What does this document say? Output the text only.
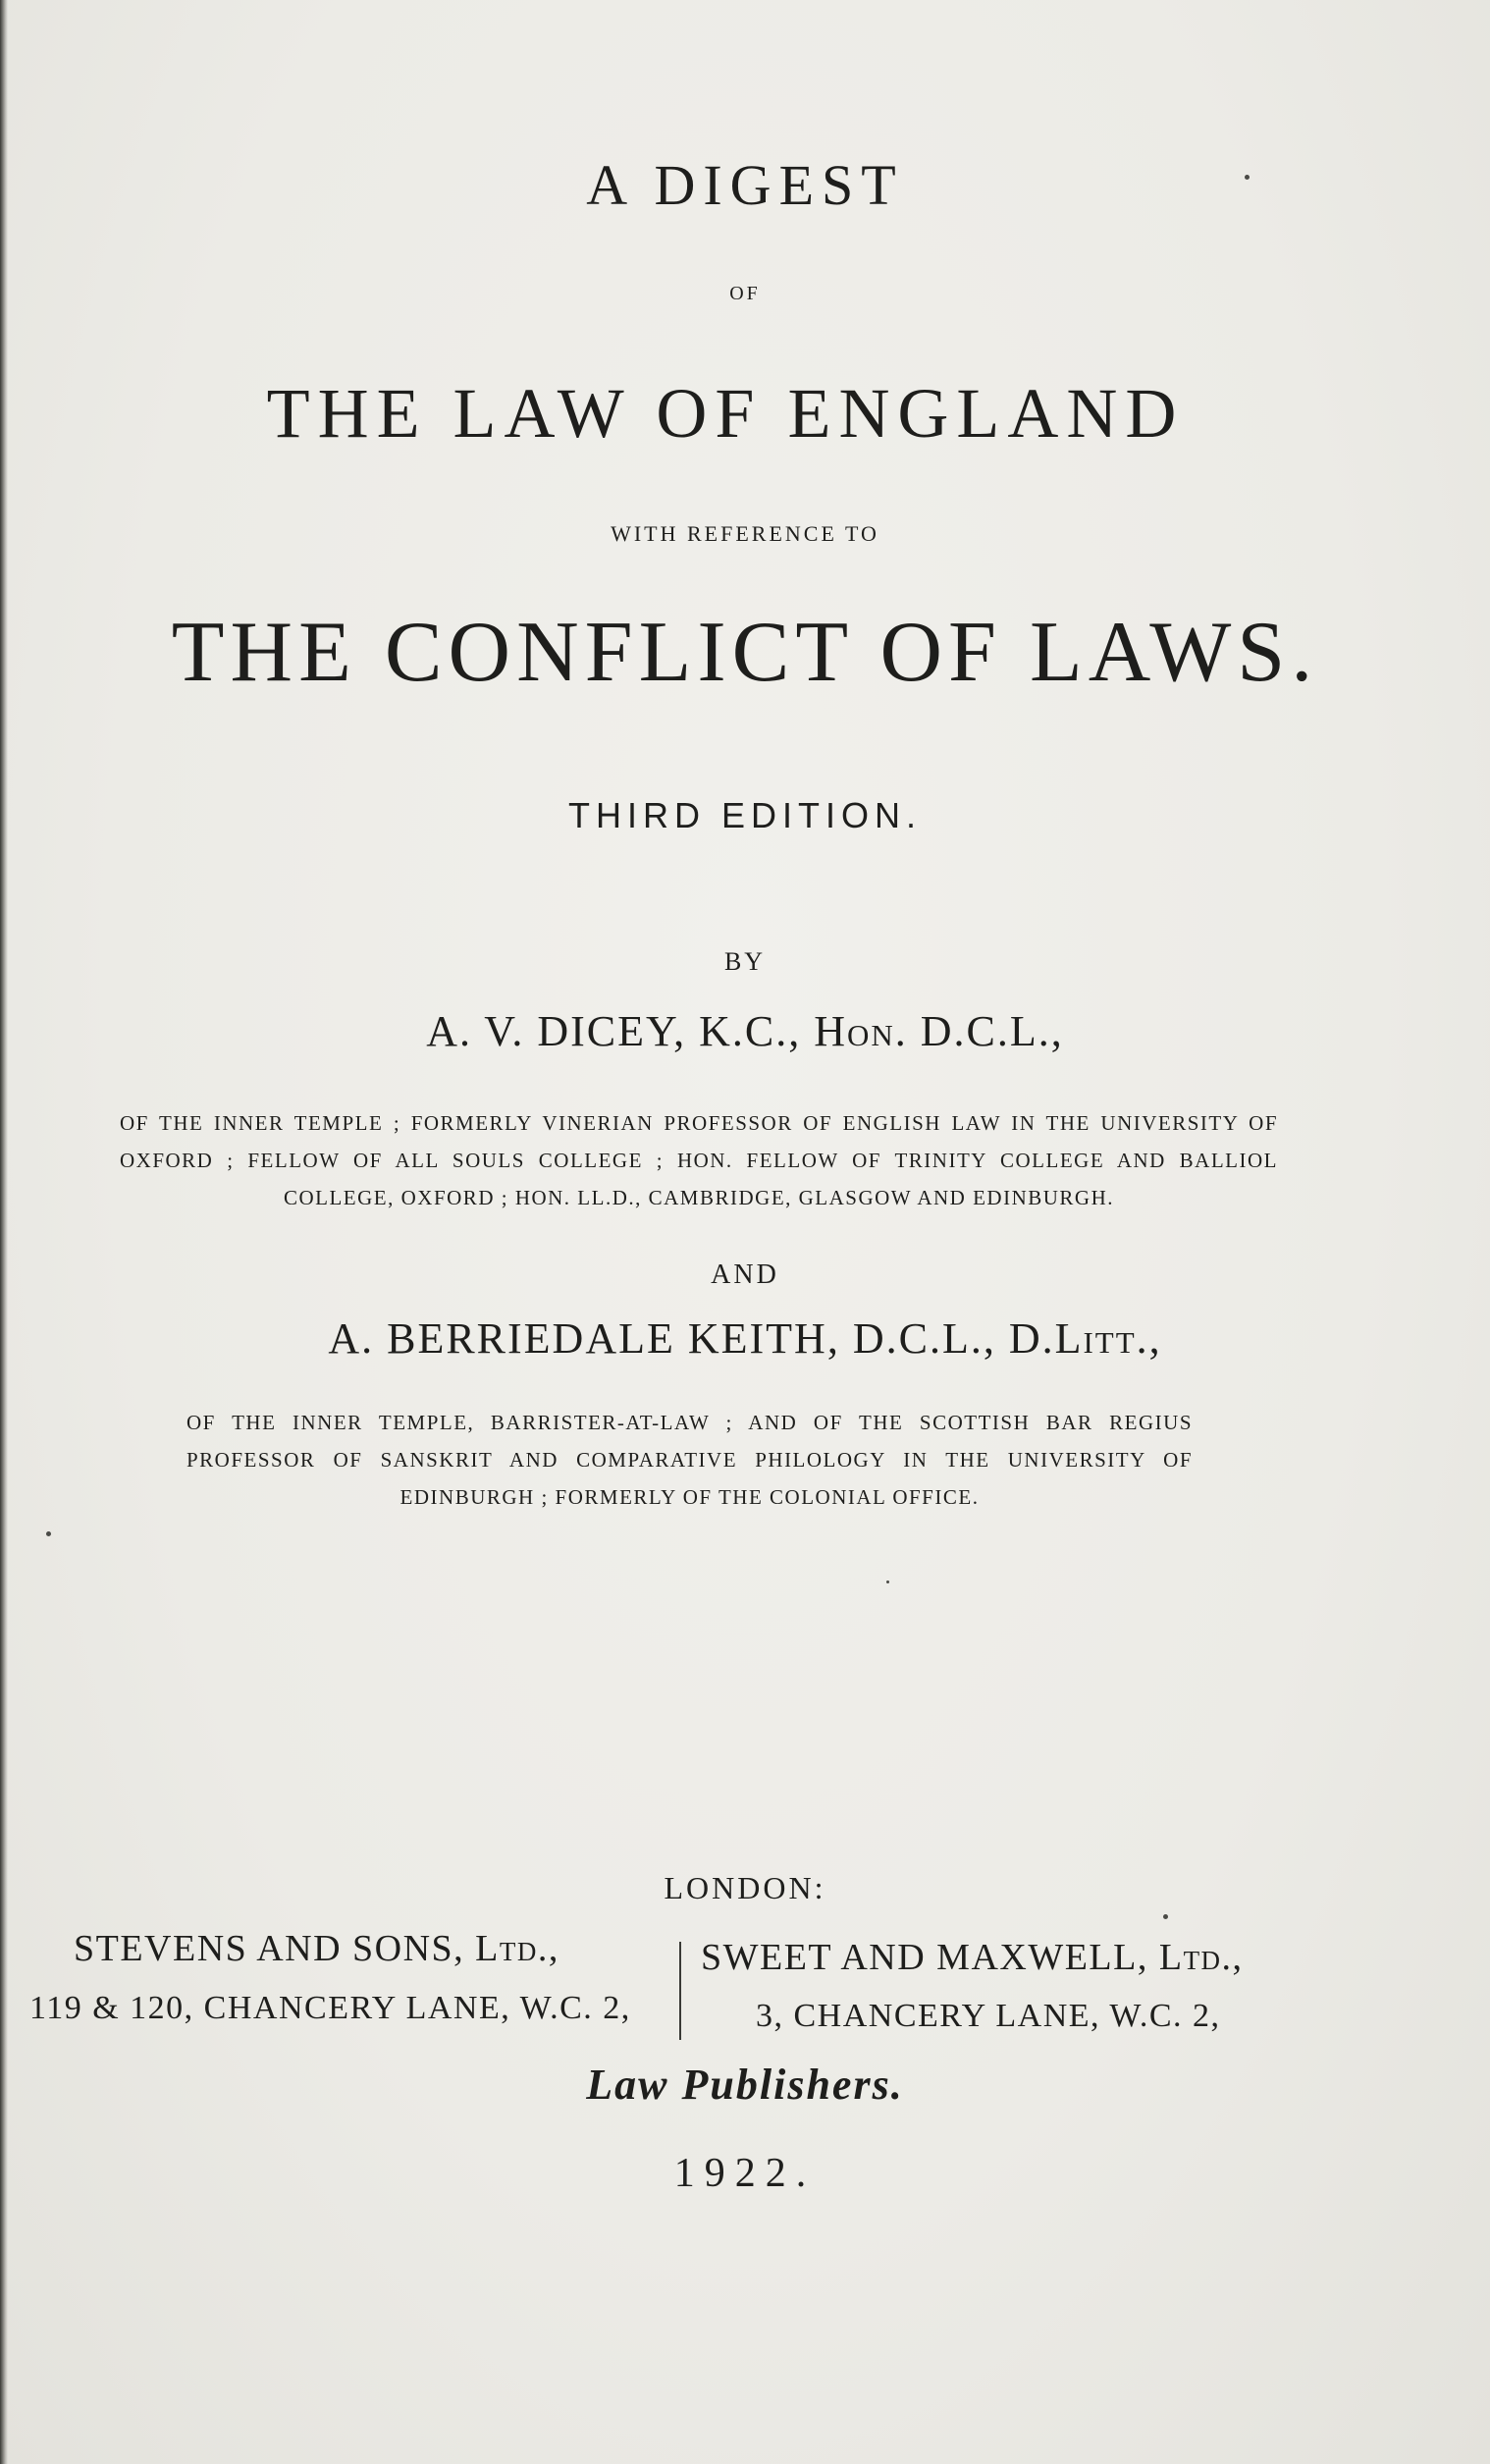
A DIGEST

OF

THE LAW OF ENGLAND

WITH REFERENCE TO

THE CONFLICT OF LAWS.

THIRD EDITION.

BY

A. V. DICEY, K.C., Hon. D.C.L.,

OF THE INNER TEMPLE ; FORMERLY VINERIAN PROFESSOR OF ENGLISH LAW IN THE UNIVERSITY OF OXFORD ; FELLOW OF ALL SOULS COLLEGE ; HON. FELLOW OF TRINITY COLLEGE AND BALLIOL COLLEGE, OXFORD ; HON. LL.D., CAMBRIDGE, GLASGOW AND EDINBURGH.

AND

A. BERRIEDALE KEITH, D.C.L., D.Litt.,

OF THE INNER TEMPLE, BARRISTER-AT-LAW ; AND OF THE SCOTTISH BAR REGIUS PROFESSOR OF SANSKRIT AND COMPARATIVE PHILOLOGY IN THE UNIVERSITY OF EDINBURGH ; FORMERLY OF THE COLONIAL OFFICE.

LONDON:

STEVENS AND SONS, Ltd.,

119 & 120, CHANCERY LANE, W.C. 2,

SWEET AND MAXWELL, Ltd.,

3, CHANCERY LANE, W.C. 2,

Law Publishers.

1922.
